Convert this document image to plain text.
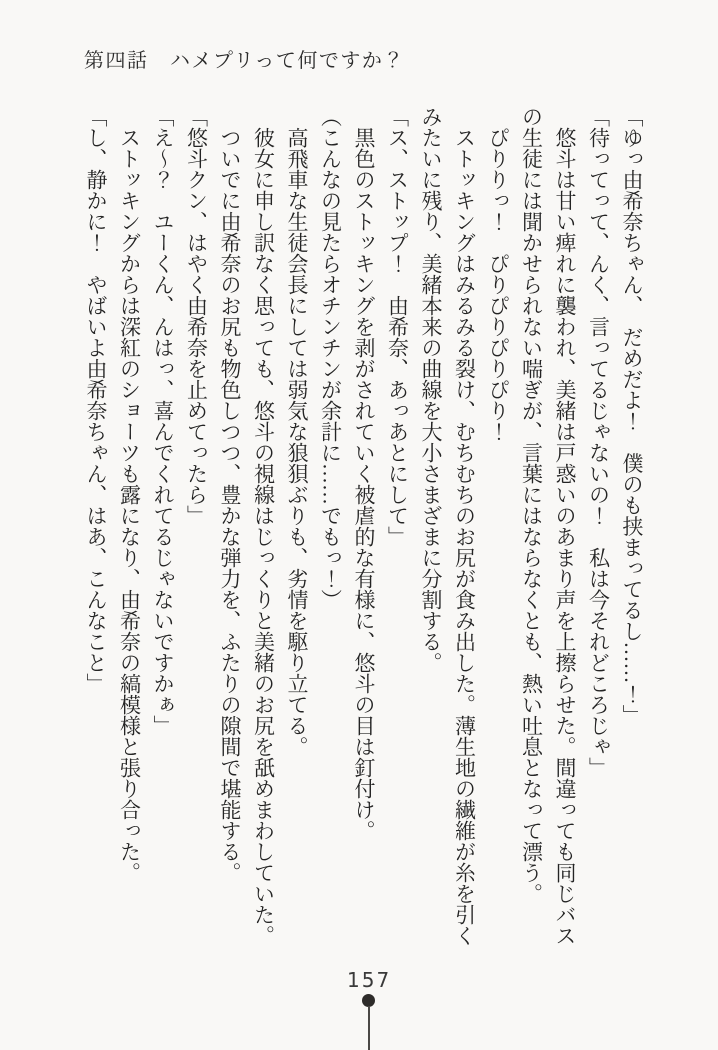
第四話　ハメプリって何ですか？

「ゆっ由希奈ちゃん、　だめだよ！　僕のも挟まってるし……！」

「待ってって、んく、言ってるじゃないの！　私は今それどころじゃ」

　悠斗は甘い痺れに襲われ、美緒は戸惑いのあまり声を上擦らせた。間違っても同じバスの生徒には聞かせられない喘ぎが、言葉にはならなくとも、熱い吐息となって漂う。

　ぴりりっ！　ぴりぴりぴりぴり！

　ストッキングはみるみる裂け、むちむちのお尻が食み出した。薄生地の繊維が糸を引くみたいに残り、美緒本来の曲線を大小さまざまに分割する。

「ス、ストップ！　由希奈、あっあとにして」

　黒色のストッキングを剥がされていく被虐的な有様に、悠斗の目は釘付け。

（こんなの見たらオチンチンが余計に……でもっ！）

　高飛車な生徒会長にしては弱気な狼狽ぶりも、劣情を駆り立てる。

　彼女に申し訳なく思っても、悠斗の視線はじっくりと美緒のお尻を舐めまわしていた。

　ついでに由希奈のお尻も物色しつつ、豊かな弾力を、ふたりの隙間で堪能する。

「悠斗クン、はやく由希奈を止めてったら」

「え～？　ユーくん、んはっ、喜んでくれてるじゃないですかぁ」

　ストッキングからは深紅のショーツも露になり、由希奈の縞模様と張り合った。

「し、静かに！　やばいよ由希奈ちゃん、はあ、こんなこと」

157
